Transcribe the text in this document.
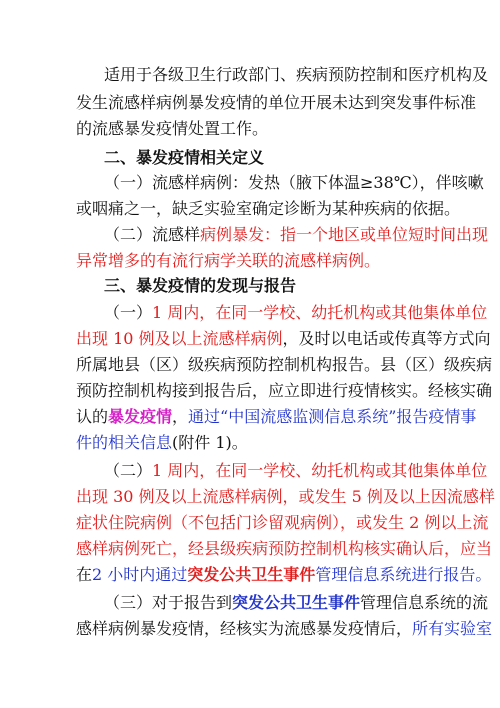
适用于各级卫生行政部门、疾病预防控制和医疗机构及
发生流感样病例暴发疫情的单位开展未达到突发事件标准
的流感暴发疫情处置工作。
二、暴发疫情相关定义
（一）流感样病例：发热（腋下体温≥38℃），伴咳嗽
或咽痛之一，缺乏实验室确定诊断为某种疾病的依据。
（二）流感样病例暴发：指一个地区或单位短时间出现
异常增多的有流行病学关联的流感样病例。
三、暴发疫情的发现与报告
（一）1 周内，在同一学校、幼托机构或其他集体单位
出现 10 例及以上流感样病例，及时以电话或传真等方式向
所属地县（区）级疾病预防控制机构报告。县（区）级疾病
预防控制机构接到报告后，应立即进行疫情核实。经核实确
认的暴发疫情，通过“中国流感监测信息系统”报告疫情事
件的相关信息(附件 1)。
（二）1 周内，在同一学校、幼托机构或其他集体单位
出现 30 例及以上流感样病例，或发生 5 例及以上因流感样
症状住院病例（不包括门诊留观病例），或发生 2 例以上流
感样病例死亡，经县级疾病预防控制机构核实确认后，应当
在2 小时内通过突发公共卫生事件管理信息系统进行报告。
（三）对于报告到突发公共卫生事件管理信息系统的流
感样病例暴发疫情，经核实为流感暴发疫情后，所有实验室
